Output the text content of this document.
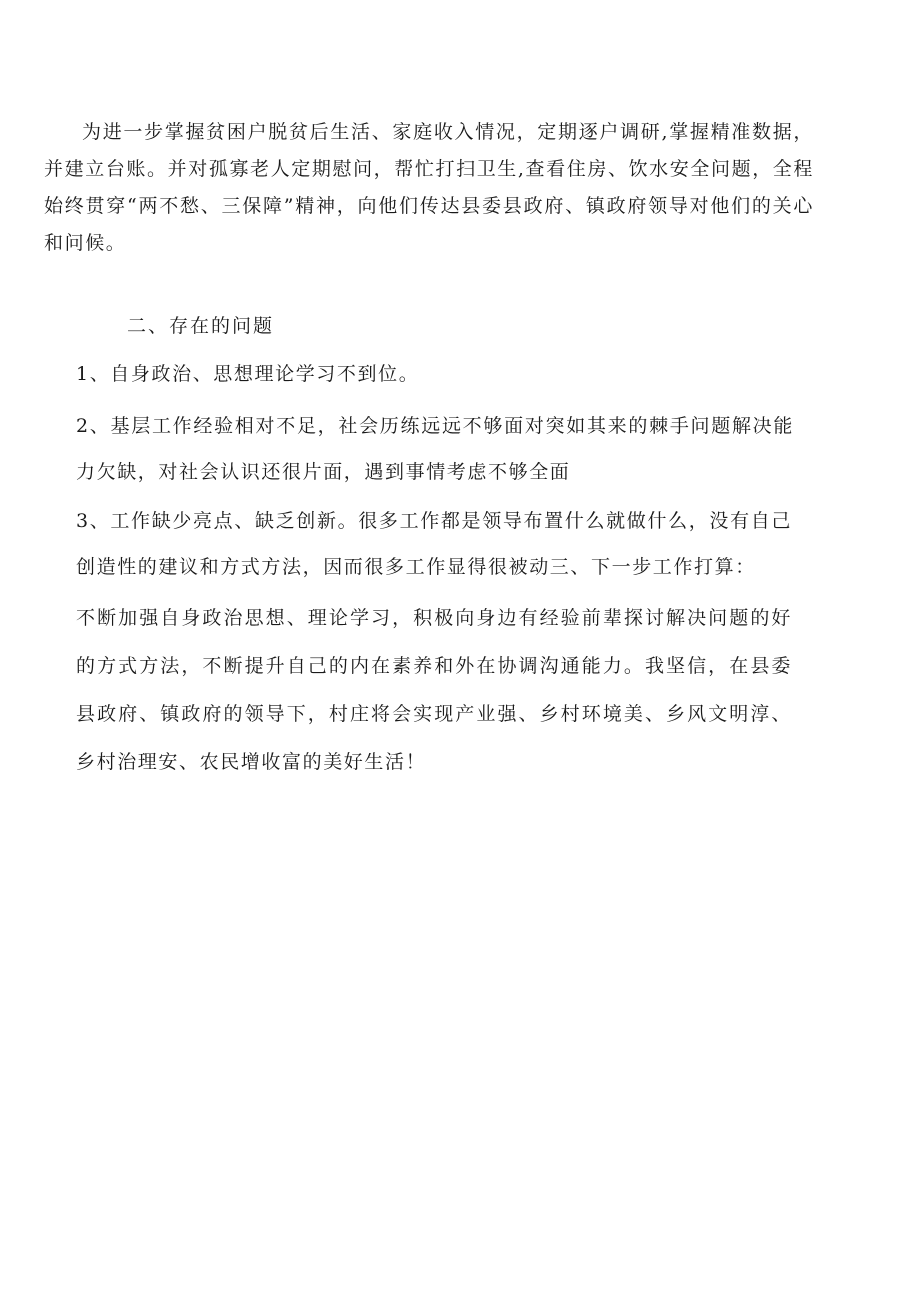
为进一步掌握贫困户脱贫后生活、家庭收入情况，定期逐户调研,掌握精准数据，并建立台账。并对孤寡老人定期慰问，帮忙打扫卫生,查看住房、饮水安全问题，全程始终贯穿“两不愁、三保障”精神，向他们传达县委县政府、镇政府领导对他们的关心和问候。

二、存在的问题

1、自身政治、思想理论学习不到位。

2、基层工作经验相对不足，社会历练远远不够面对突如其来的棘手问题解决能力欠缺，对社会认识还很片面，遇到事情考虑不够全面

3、工作缺少亮点、缺乏创新。很多工作都是领导布置什么就做什么，没有自己创造性的建议和方式方法，因而很多工作显得很被动三、下一步工作打算：

不断加强自身政治思想、理论学习，积极向身边有经验前辈探讨解决问题的好的方式方法，不断提升自己的内在素养和外在协调沟通能力。我坚信，在县委县政府、镇政府的领导下，村庄将会实现产业强、乡村环境美、乡风文明淳、乡村治理安、农民增收富的美好生活！
